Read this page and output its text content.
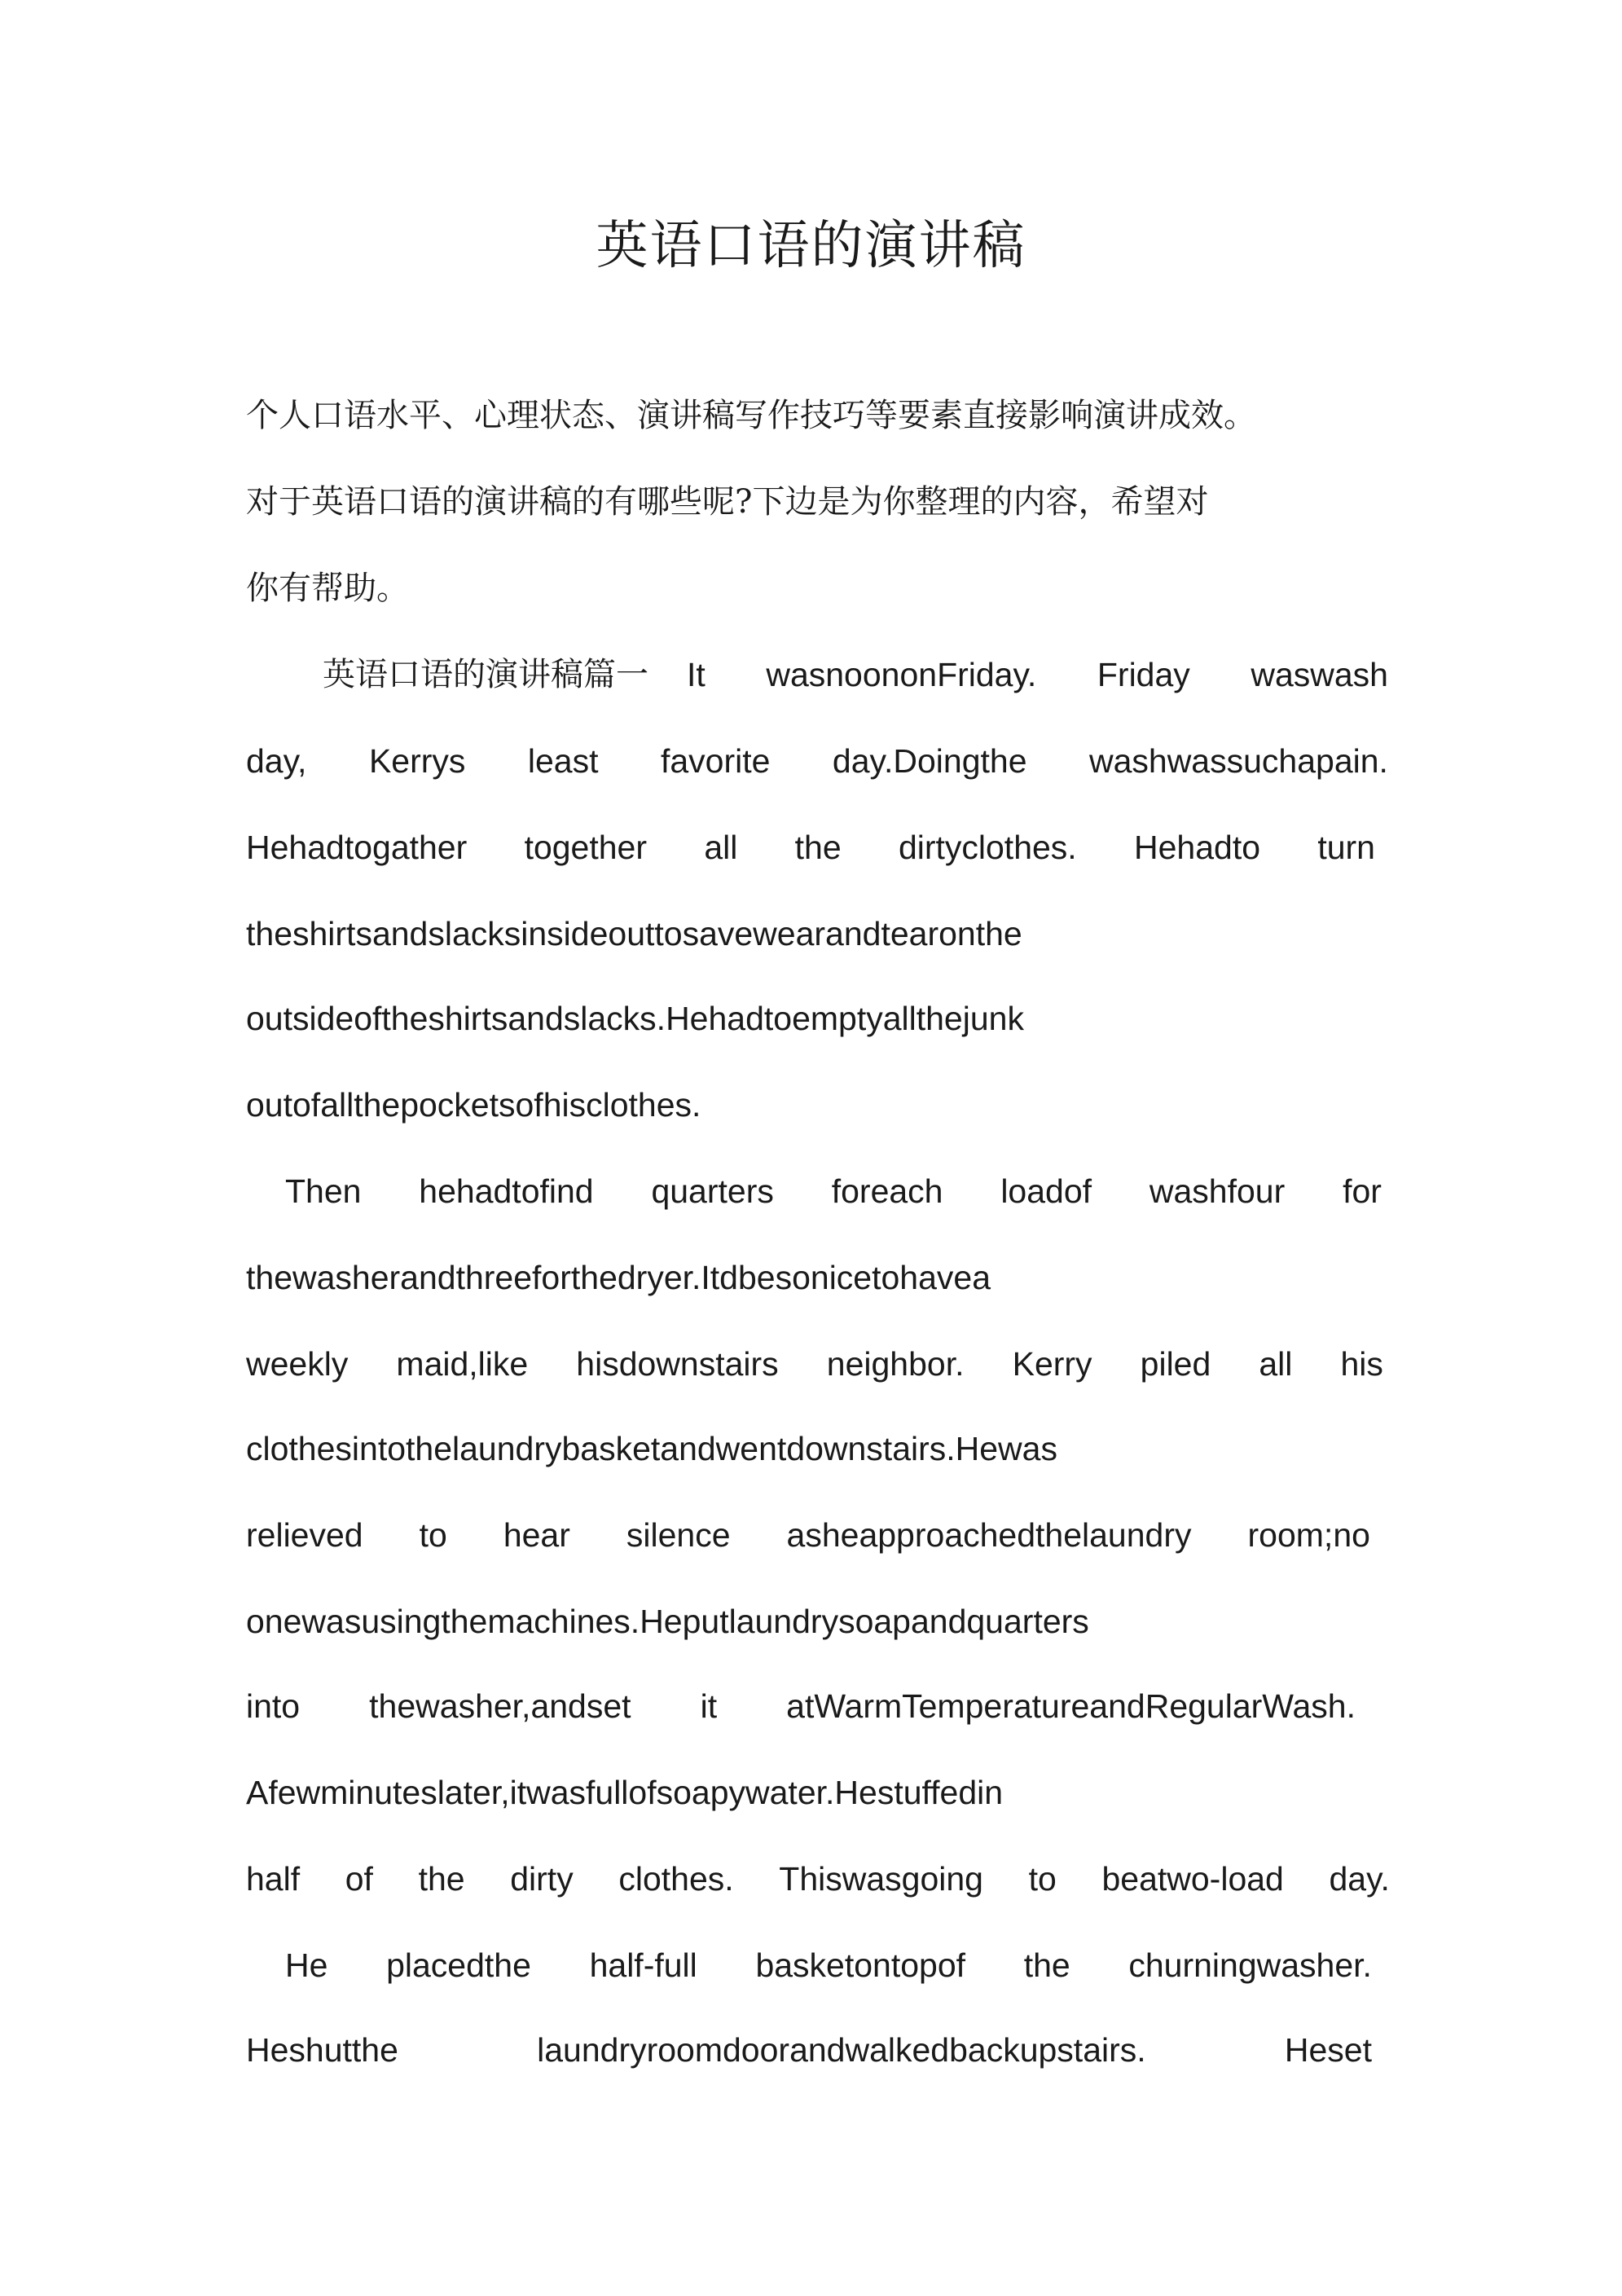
英语口语的演讲稿
个人口语水平、心理状态、演讲稿写作技巧等要素直接影响演讲成效。
对于英语口语的演讲稿的有哪些呢?下边是为你整理的内容，希望对
你有帮助。
英语口语的演讲稿篇一 It wasnoononFriday. Friday waswash
day, Kerrys least favorite day.Doingthe washwassuchapain.
Hehadtogather together all the dirtyclothes. Hehadto turn
theshirtsandslacksinsideouttosavewearandtearonthe
outsideoftheshirtsandslacks.Hehadtoemptyallthejunk
outofallthepocketsofhisclothes.
Then hehadtofind quarters foreach loadof washfour for
thewasherandthreeforthedryer.Itdbesonicetohavea
weekly maid,like hisdownstairs neighbor. Kerry piled all his
clothesintothelaundrybasketandwentdownstairs.Hewas
relieved to hear silence asheapproachedthelaundry room;no
onewasusingthemachines.Heputlaundrysoapandquarters
into thewasher,andset it atWarmTemperatureandRegularWash.
Afewminuteslater,itwasfullofsoapywater.Hestuffedin
half of the dirty clothes. Thiswasgoing to beatwo-load day.
He placedthe half-full basketontopof the churningwasher.
Heshutthe	laundryroomdoorandwalkedbackupstairs.	Heset
